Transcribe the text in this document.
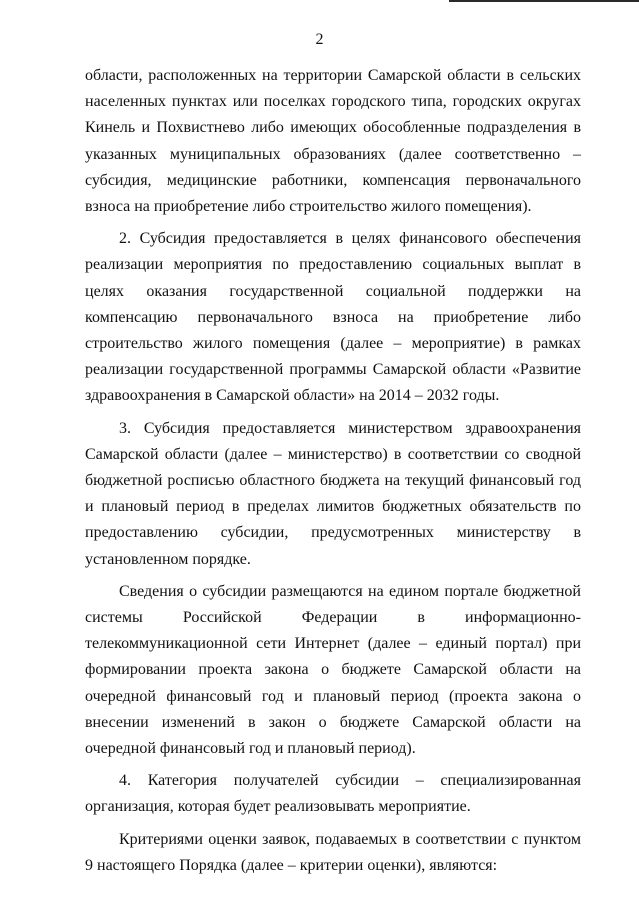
2

области, расположенных на территории Самарской области в сельских населенных пунктах или поселках городского типа, городских округах Кинель и Похвистнево либо имеющих обособленные подразделения в указанных муниципальных образованиях (далее соответственно – субсидия, медицинские работники, компенсация первоначального взноса на приобретение либо строительство жилого помещения).

2. Субсидия предоставляется в целях финансового обеспечения реализации мероприятия по предоставлению социальных выплат в целях оказания государственной социальной поддержки на компенсацию первоначального взноса на приобретение либо строительство жилого помещения (далее – мероприятие) в рамках реализации государственной программы Самарской области «Развитие здравоохранения в Самарской области» на 2014 – 2032 годы.

3. Субсидия предоставляется министерством здравоохранения Самарской области (далее – министерство) в соответствии со сводной бюджетной росписью областного бюджета на текущий финансовый год и плановый период в пределах лимитов бюджетных обязательств по предоставлению субсидии, предусмотренных министерству в установленном порядке.

Сведения о субсидии размещаются на едином портале бюджетной системы Российской Федерации в информационно-телекоммуникационной сети Интернет (далее – единый портал) при формировании проекта закона о бюджете Самарской области на очередной финансовый год и плановый период (проекта закона о внесении изменений в закон о бюджете Самарской области на очередной финансовый год и плановый период).

4. Категория получателей субсидии – специализированная организация, которая будет реализовывать мероприятие.

Критериями оценки заявок, подаваемых в соответствии с пунктом 9 настоящего Порядка (далее – критерии оценки), являются:
